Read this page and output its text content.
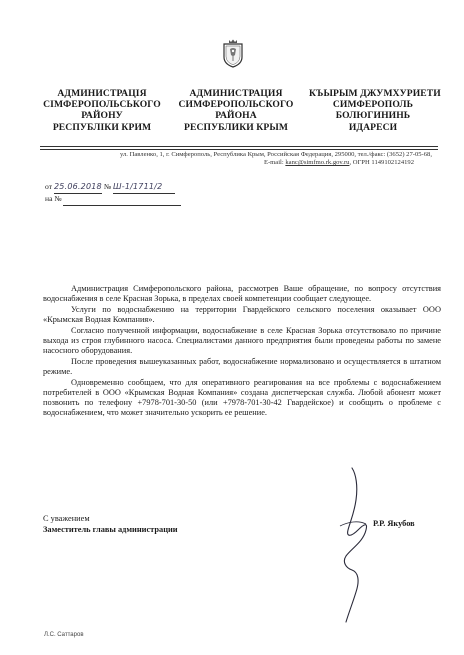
АДМИНИСТРАЦІЯ
СІМФЕРОПОЛЬСЬКОГО
РАЙОНУ
РЕСПУБЛІКИ КРИМ
АДМИНИСТРАЦИЯ
СИМФЕРОПОЛЬСКОГО
РАЙОНА
РЕСПУБЛИКИ КРЫМ
КЪЫРЫМ ДЖУМХУРИЕТИ
СИМФЕРОПОЛЬ
БОЛЮГИНИНЬ
ИДАРЕСИ
ул. Павленко, 1, г. Симферополь, Республика Крым, Российская Федерация, 295000, тел./факс: (3652) 27-05-68,
E-mail: kanc@simfmo.rk.gov.ru, ОГРН 1149102124192
от 25.06.2018 № Ш-1/1711/2
на №

Администрация Симферопольского района, рассмотрев Ваше обращение, по вопросу отсутствия водоснабжения в селе Красная Зорька, в пределах своей компетенции сообщает следующее.

Услуги по водоснабжению на территории Гвардейского сельского поселения оказывает ООО «Крымская Водная Компания».

Согласно полученной информации, водоснабжение в селе Красная Зорька отсутствовало по причине выхода из строя глубинного насоса. Специалистами данного предприятия были проведены работы по замене насосного оборудования.

После проведения вышеуказанных работ, водоснабжение нормализовано и осуществляется в штатном режиме.

Одновременно сообщаем, что для оперативного реагирования на все проблемы с водоснабжением потребителей в ООО «Крымская Водная Компания» создана диспетчерская служба. Любой абонент может позвонить по телефону +7978-701-30-50 (или +7978-701-30-42 Гвардейское) и сообщить о проблеме с водоснабжением, что может значительно ускорить ее решение.

С уважением
Заместитель главы администрации
Р.Р. Якубов
Л.С. Саттаров
